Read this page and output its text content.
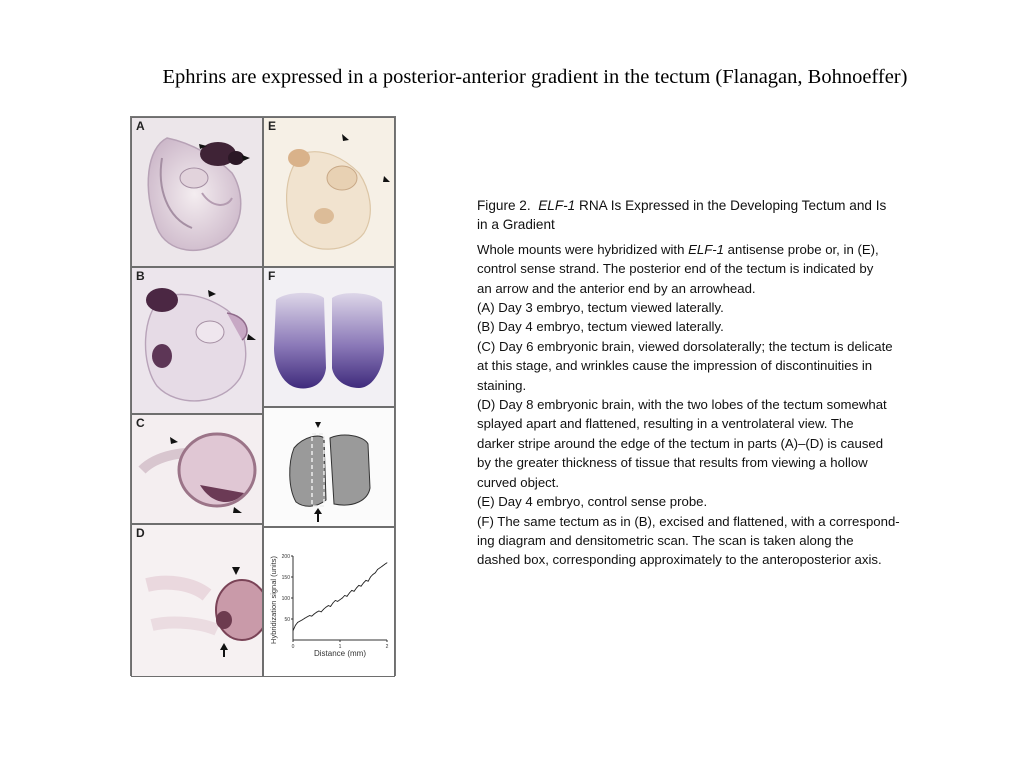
Ephrins are expressed in a posterior-anterior gradient in the tectum (Flanagan, Bohnoeffer)
A	E
B	F
C
D
Hybridization signal (units)
Distance (mm)
50
100
150
200
0	1	2
Figure 2. ELF-1 RNA Is Expressed in the Developing Tectum and Is
in a Gradient
Whole mounts were hybridized with ELF-1 antisense probe or, in (E),
control sense strand. The posterior end of the tectum is indicated by
an arrow and the anterior end by an arrowhead.
(A) Day 3 embryo, tectum viewed laterally.
(B) Day 4 embryo, tectum viewed laterally.
(C) Day 6 embryonic brain, viewed dorsolaterally; the tectum is delicate
at this stage, and wrinkles cause the impression of discontinuities in
staining.
(D) Day 8 embryonic brain, with the two lobes of the tectum somewhat
splayed apart and flattened, resulting in a ventrolateral view. The
darker stripe around the edge of the tectum in parts (A)–(D) is caused
by the greater thickness of tissue that results from viewing a hollow
curved object.
(E) Day 4 embryo, control sense probe.
(F) The same tectum as in (B), excised and flattened, with a correspond-
ing diagram and densitometric scan. The scan is taken along the
dashed box, corresponding approximately to the anteroposterior axis.
